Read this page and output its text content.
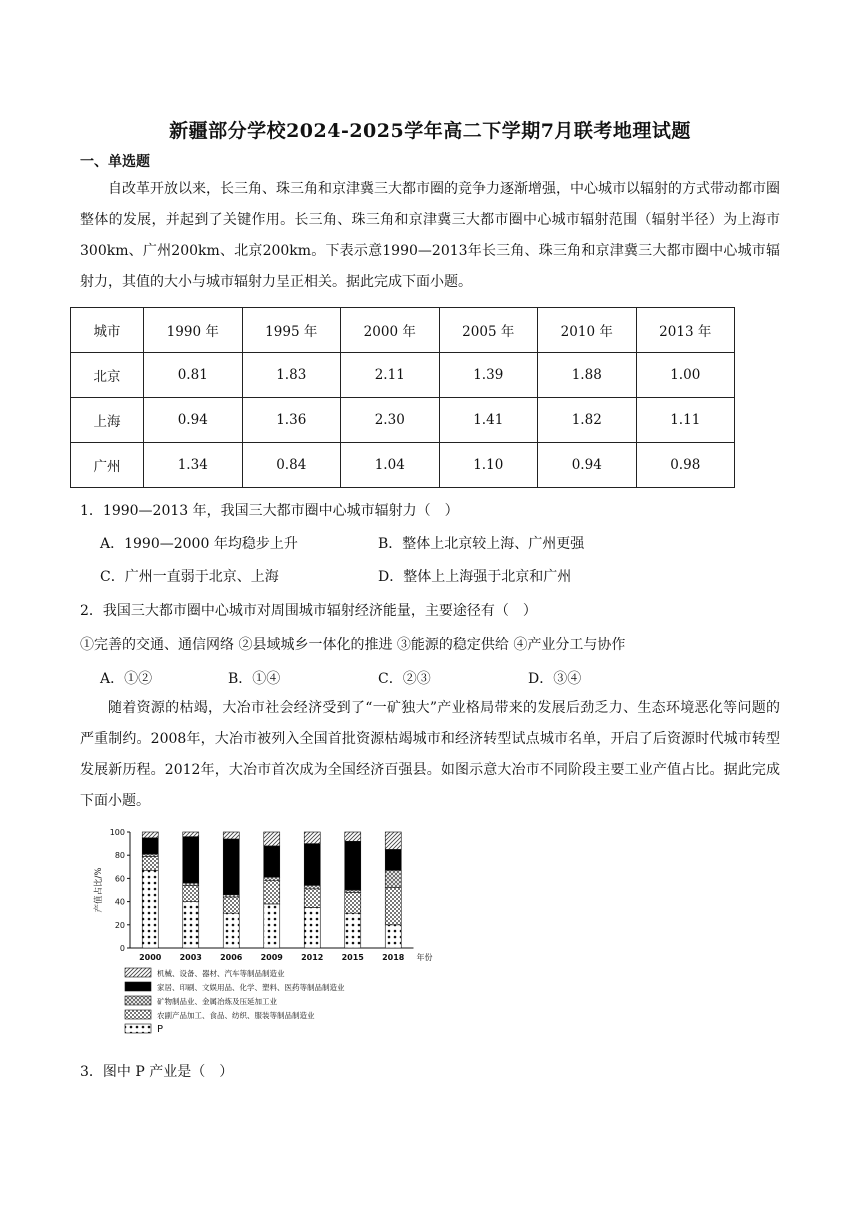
新疆部分学校2024-2025学年高二下学期7月联考地理试题
一、单选题
自改革开放以来，长三角、珠三角和京津冀三大都市圈的竞争力逐渐增强，中心城市以辐射的方式带动都市圈整体的发展，并起到了关键作用。长三角、珠三角和京津冀三大都市圈中心城市辐射范围（辐射半径）为上海市300km、广州200km、北京200km。下表示意1990—2013年长三角、珠三角和京津冀三大都市圈中心城市辐射力，其值的大小与城市辐射力呈正相关。据此完成下面小题。
城市	1990 年	1995 年	2000 年	2005 年	2010 年	2013 年
北京	0.81	1.83	2.11	1.39	1.88	1.00
上海	0.94	1.36	2.30	1.41	1.82	1.11
广州	1.34	0.84	1.04	1.10	0.94	0.98
1．1990—2013 年，我国三大都市圈中心城市辐射力（　）
A．1990—2000 年均稳步上升	B．整体上北京较上海、广州更强
C．广州一直弱于北京、上海	D．整体上上海强于北京和广州
2．我国三大都市圈中心城市对周围城市辐射经济能量，主要途径有（　）
①完善的交通、通信网络 ②县域城乡一体化的推进 ③能源的稳定供给 ④产业分工与协作
A．①②	B．①④	C．②③	D．③④
随着资源的枯竭，大冶市社会经济受到了“一矿独大”产业格局带来的发展后劲乏力、生态环境恶化等问题的严重制约。2008年，大冶市被列入全国首批资源枯竭城市和经济转型试点城市名单，开启了后资源时代城市转型发展新历程。2012年，大冶市首次成为全国经济百强县。如图示意大冶市不同阶段主要工业产值占比。据此完成下面小题。
0
20
40
60
80
100
产值占比/%
2000 2003 2006 2009 2012 2015 2018 年份
机械、设备、器材、汽车等制品制造业
家居、印刷、文娱用品、化学、塑料、医药等制品制造业
矿物制品业、金属冶炼及压延加工业
农副产品加工、食品、纺织、服装等制品制造业
P
3．图中 P 产业是（　）
